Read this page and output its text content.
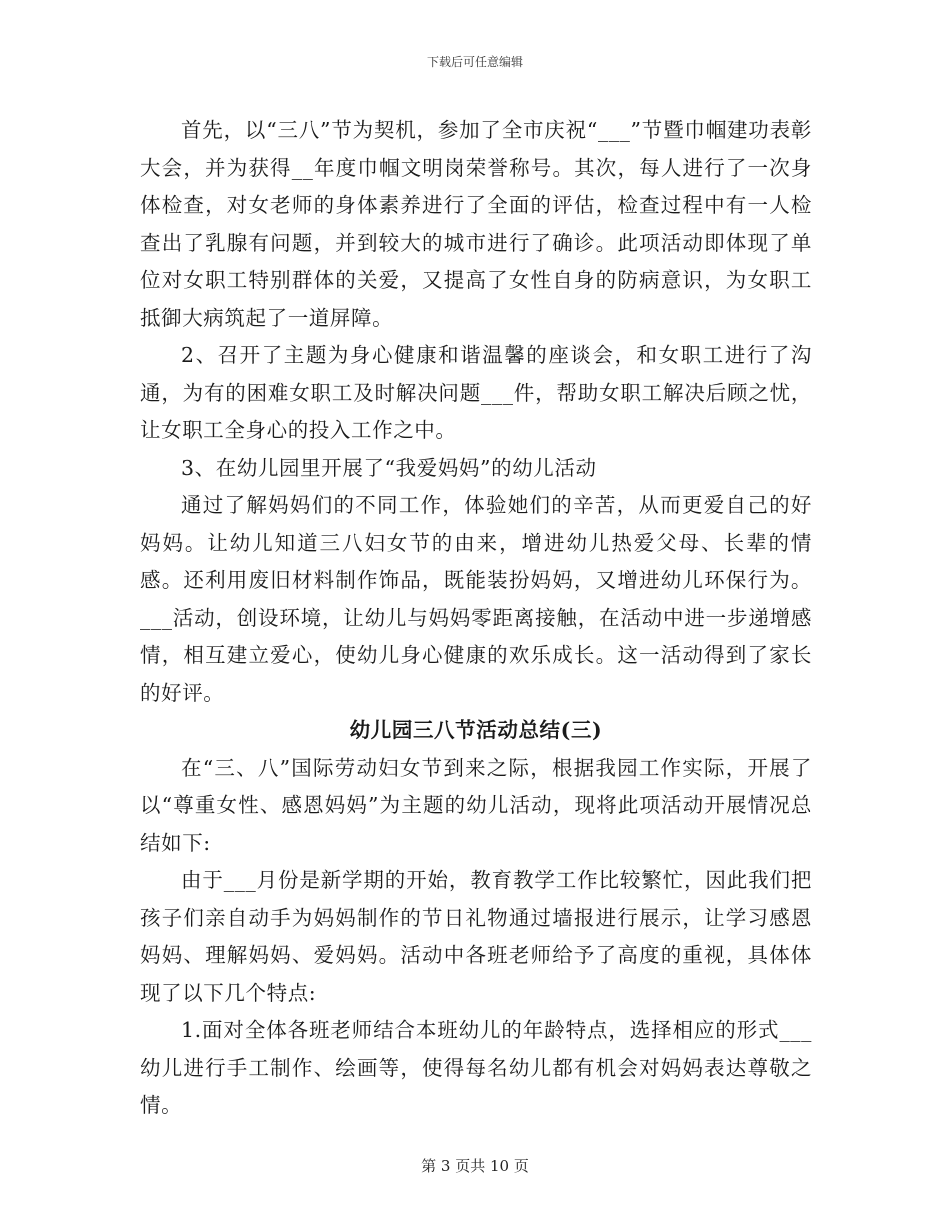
下载后可任意编辑

首先，以“三八”节为契机，参加了全市庆祝“___”节暨巾帼建功表彰大会，并为获得__年度巾帼文明岗荣誉称号。其次，每人进行了一次身体检查，对女老师的身体素养进行了全面的评估，检查过程中有一人检查出了乳腺有问题，并到较大的城市进行了确诊。此项活动即体现了单位对女职工特别群体的关爱，又提高了女性自身的防病意识，为女职工抵御大病筑起了一道屏障。

2、召开了主题为身心健康和谐温馨的座谈会，和女职工进行了沟通，为有的困难女职工及时解决问题___件，帮助女职工解决后顾之忧，让女职工全身心的投入工作之中。

3、在幼儿园里开展了“我爱妈妈”的幼儿活动

通过了解妈妈们的不同工作，体验她们的辛苦，从而更爱自己的好妈妈。让幼儿知道三八妇女节的由来，增进幼儿热爱父母、长辈的情感。还利用废旧材料制作饰品，既能装扮妈妈，又增进幼儿环保行为。___活动，创设环境，让幼儿与妈妈零距离接触，在活动中进一步递增感情，相互建立爱心，使幼儿身心健康的欢乐成长。这一活动得到了家长的好评。

幼儿园三八节活动总结(三)

在“三、八”国际劳动妇女节到来之际，根据我园工作实际，开展了以“尊重女性、感恩妈妈”为主题的幼儿活动，现将此项活动开展情况总结如下:

由于___月份是新学期的开始，教育教学工作比较繁忙，因此我们把孩子们亲自动手为妈妈制作的节日礼物通过墙报进行展示，让学习感恩妈妈、理解妈妈、爱妈妈。活动中各班老师给予了高度的重视，具体体现了以下几个特点:

1.面对全体各班老师结合本班幼儿的年龄特点，选择相应的形式___幼儿进行手工制作、绘画等，使得每名幼儿都有机会对妈妈表达尊敬之情。

第 3 页共 10 页
